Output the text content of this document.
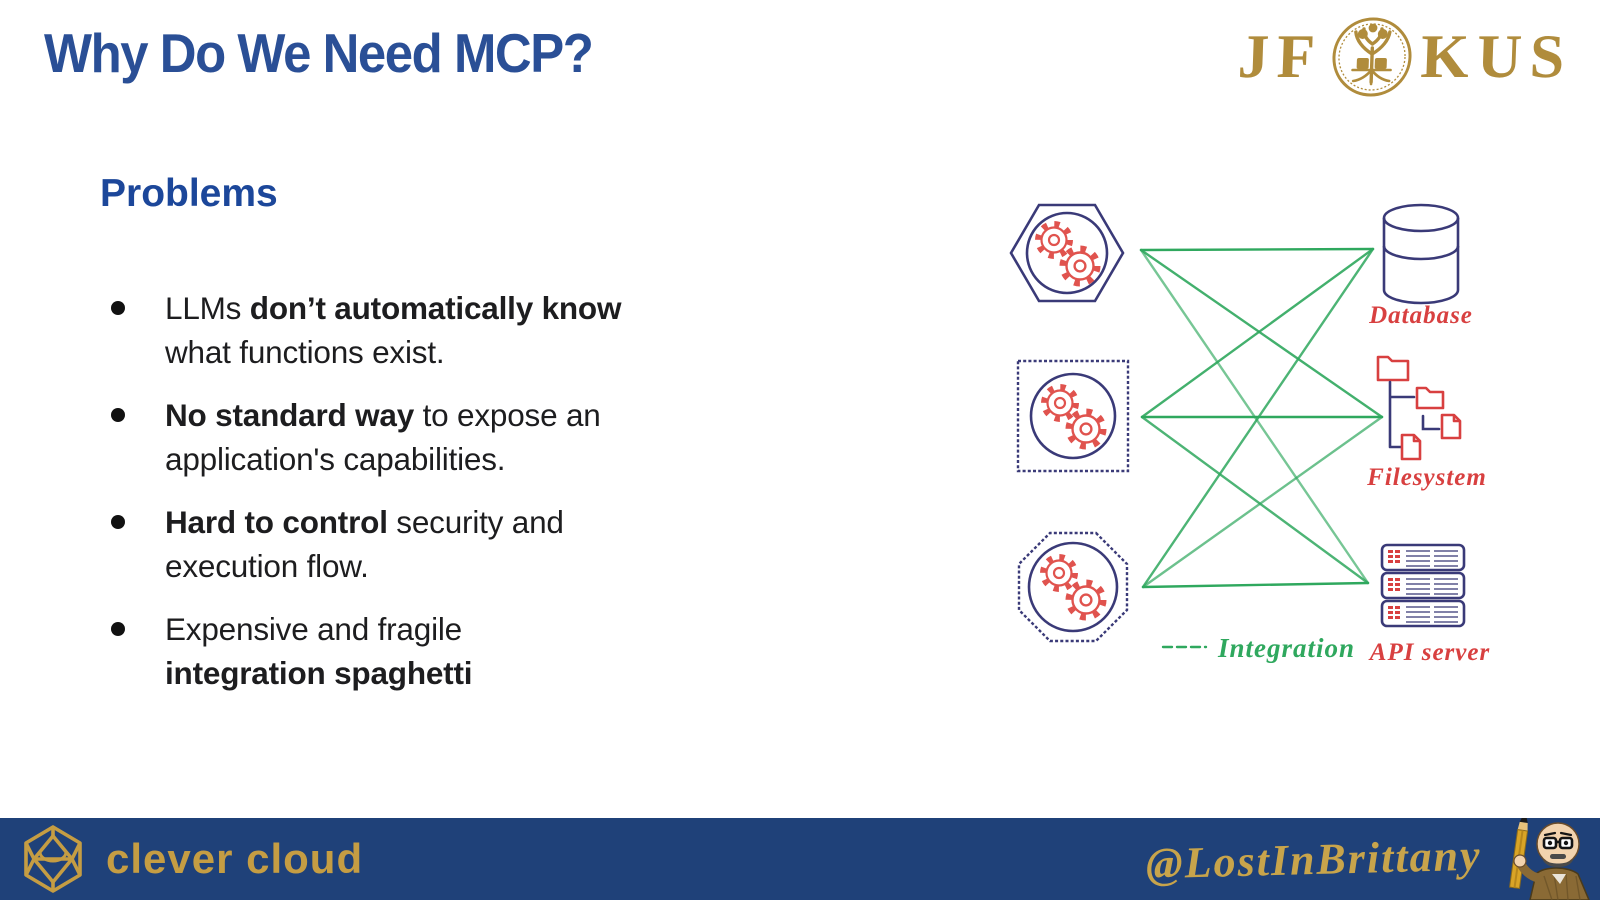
Why Do We Need MCP?	JF KUS
Problems
LLMs don’t automatically know
what functions exist.
No standard way to expose an
application's capabilities.
Hard to control security and
execution flow.
Expensive and fragile
integration spaghetti
Database
Filesystem
API server
Integration
clever cloud	@LostInBrittany
